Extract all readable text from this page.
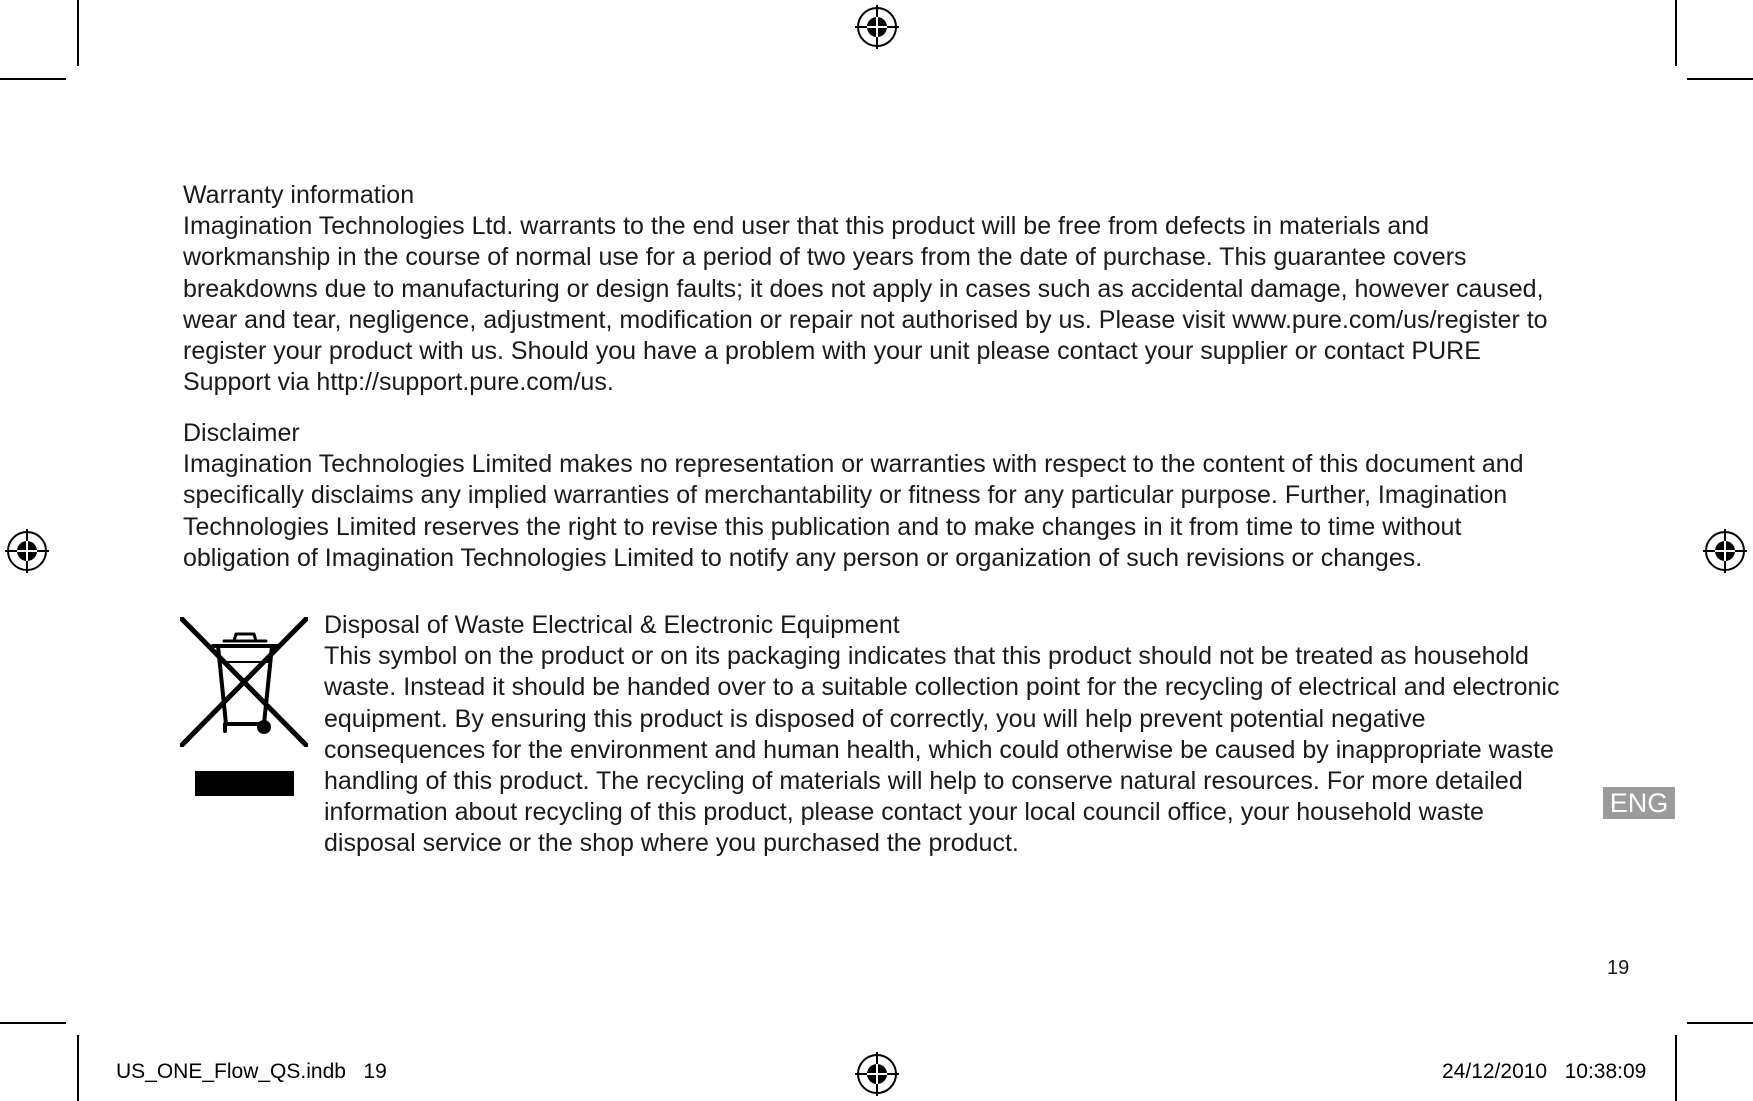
Warranty information

Imagination Technologies Ltd. warrants to the end user that this product will be free from defects in materials and workmanship in the course of normal use for a period of two years from the date of purchase. This guarantee covers breakdowns due to manufacturing or design faults; it does not apply in cases such as accidental damage, however caused, wear and tear, negligence, adjustment, modification or repair not authorised by us. Please visit www.pure.com/us/register to register your product with us. Should you have a problem with your unit please contact your supplier or contact PURE Support via http://support.pure.com/us.

Disclaimer

Imagination Technologies Limited makes no representation or warranties with respect to the content of this document and specifically disclaims any implied warranties of merchantability or fitness for any particular purpose. Further, Imagination Technologies Limited reserves the right to revise this publication and to make changes in it from time to time without obligation of Imagination Technologies Limited to notify any person or organization of such revisions or changes.

Disposal of Waste Electrical & Electronic Equipment

This symbol on the product or on its packaging indicates that this product should not be treated as household waste. Instead it should be handed over to a suitable collection point for the recycling of electrical and electronic equipment. By ensuring this product is disposed of correctly, you will help prevent potential negative consequences for the environment and human health, which could otherwise be caused by inappropriate waste handling of this product. The recycling of materials will help to conserve natural resources. For more detailed information about recycling of this product, please contact your local council office, your household waste disposal service or the shop where you purchased the product.

ENG
19
US_ONE_Flow_QS.indb   19	24/12/2010   10:38:09
